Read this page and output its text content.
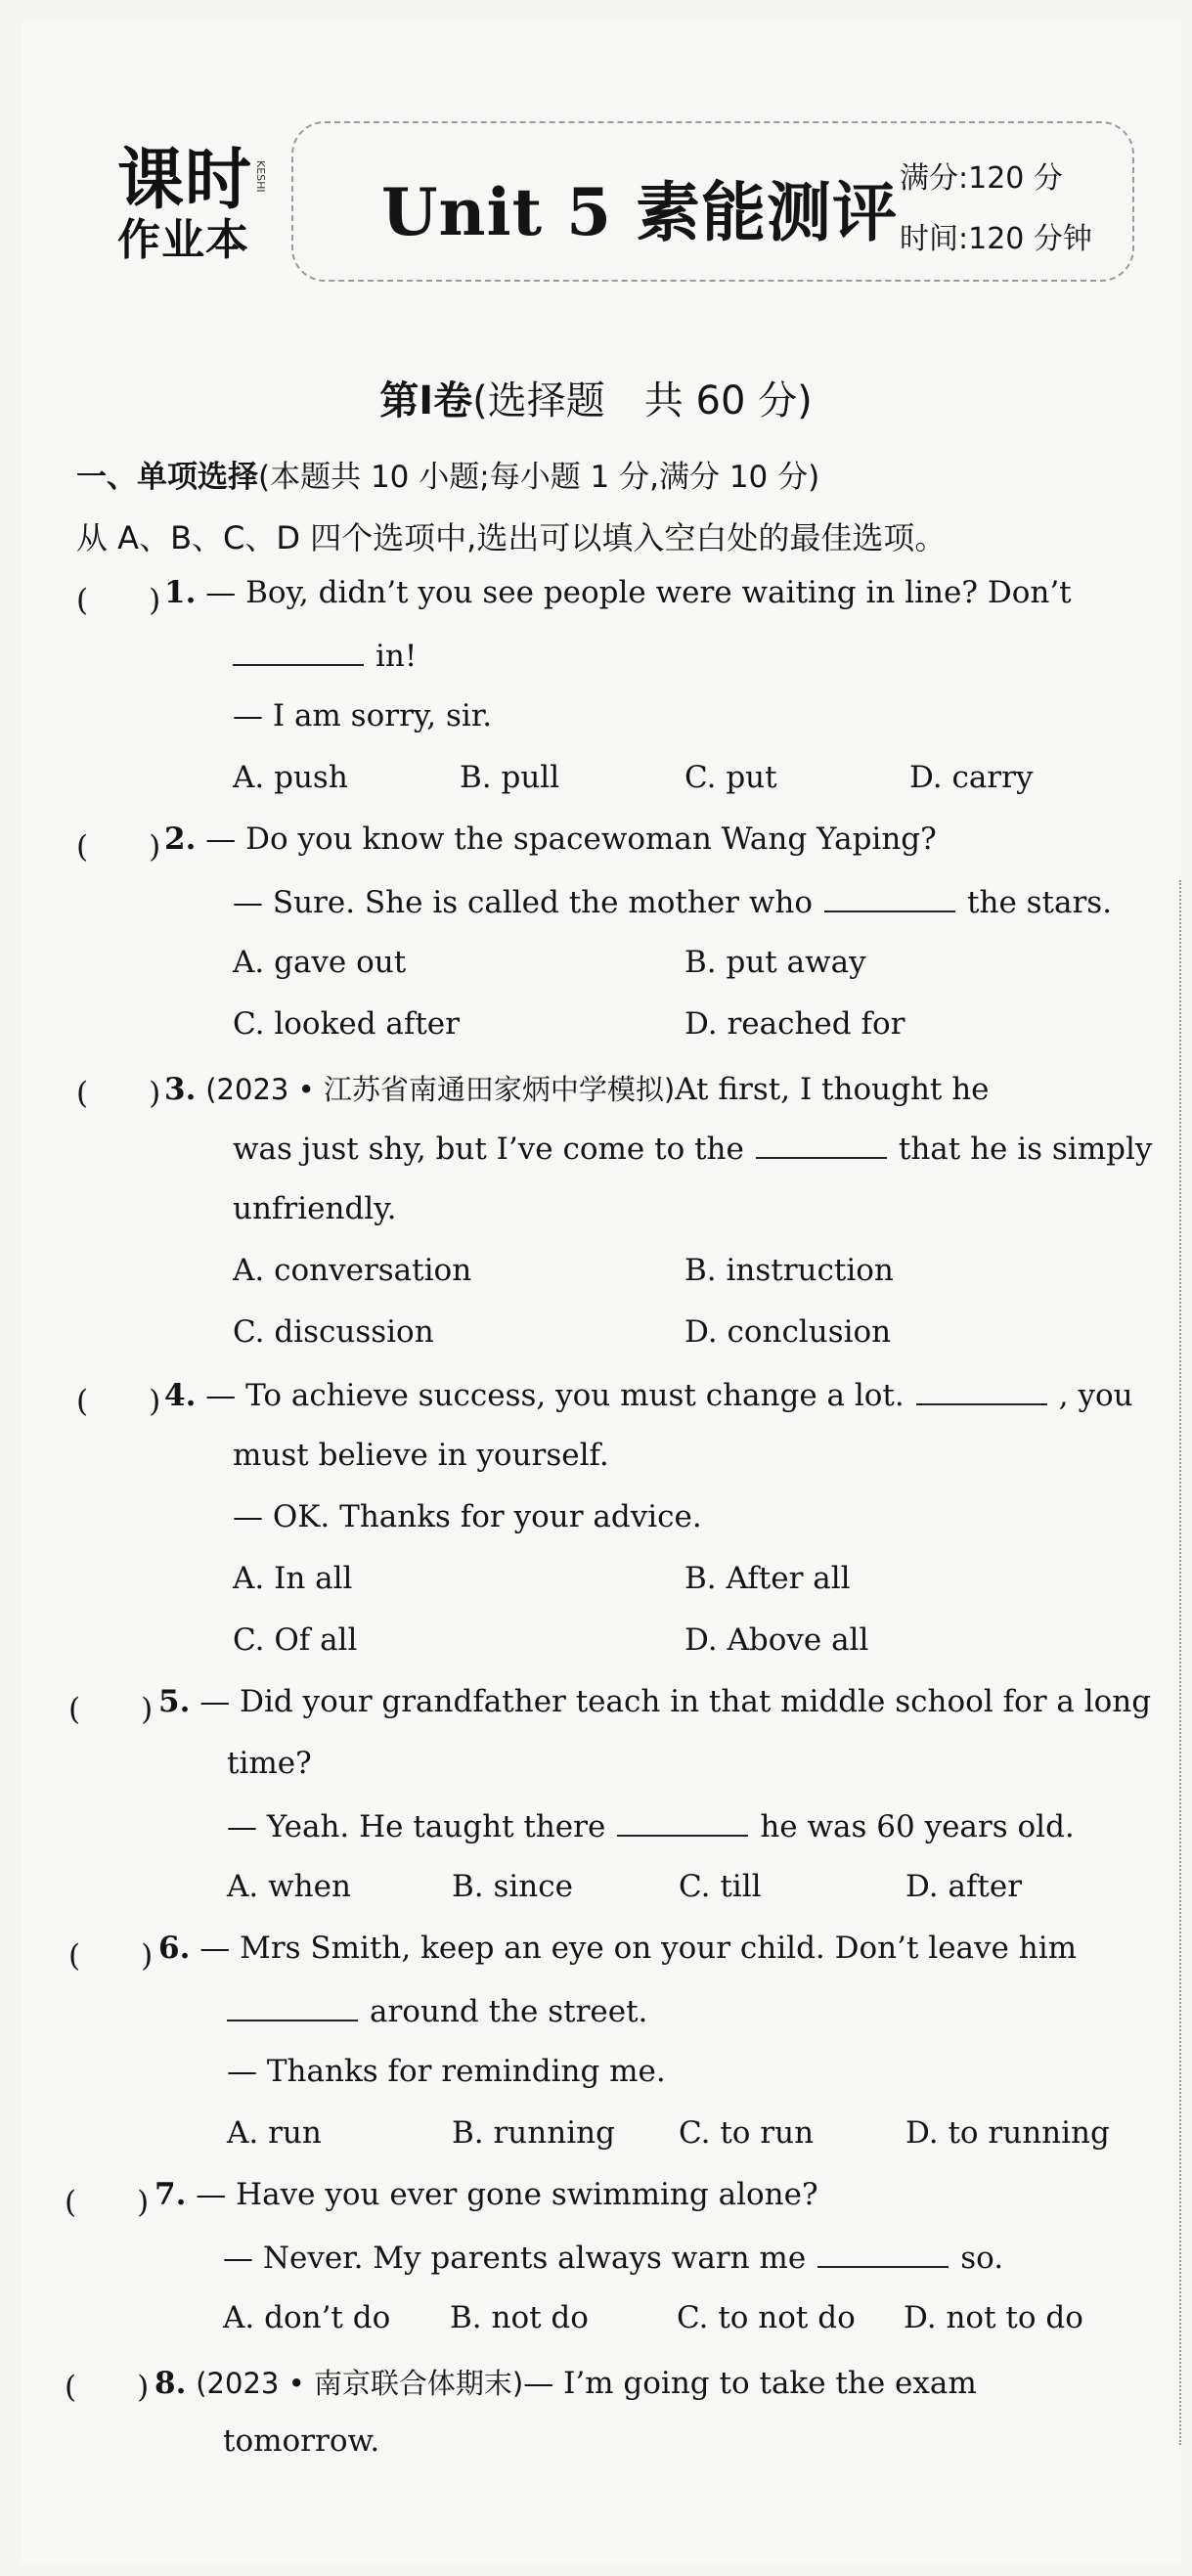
课时
作业本
KESHI Unit 5 素能测评 满分:120 分
时间:120 分钟
第Ⅰ卷(选择题　共 60 分)
一、单项选择(本题共 10 小题;每小题 1 分,满分 10 分)
从 A、B、C、D 四个选项中,选出可以填入空白处的最佳选项。
(　　) 1. — Boy, didn’t you see people were waiting in line? Don’t
in!
— I am sorry, sir.
A. push	B. pull	C. put	D. carry
(　　) 2. — Do you know the spacewoman Wang Yaping?
— Sure. She is called the mother who	the stars.
A. gave out	B. put away
C. looked after	D. reached for
(　　) 3. (2023 • 江苏省南通田家炳中学模拟)At first, I thought he
was just shy, but I’ve come to the	that he is simply
unfriendly.
A. conversation	B. instruction
C. discussion	D. conclusion
(　　) 4. — To achieve success, you must change a lot.	, you
must believe in yourself.
— OK. Thanks for your advice.
A. In all	B. After all
C. Of all	D. Above all
(　　) 5. — Did your grandfather teach in that middle school for a long
time?
— Yeah. He taught there	he was 60 years old.
A. when	B. since	C. till	D. after
(　　) 6. — Mrs Smith, keep an eye on your child. Don’t leave him
around the street.
— Thanks for reminding me.
A. run	B. running C. to run	D. to running
(　　) 7. — Have you ever gone swimming alone?
— Never. My parents always warn me	so.
A. don’t do B. not do	C. to not do D. not to do
(　　) 8. (2023 • 南京联合体期末)— I’m going to take the exam
tomorrow.
